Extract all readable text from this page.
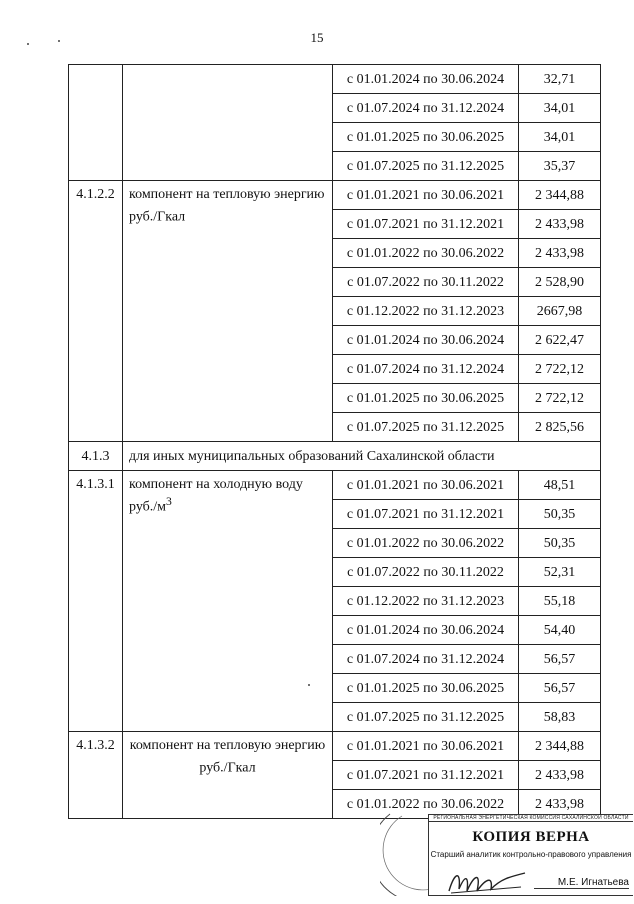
15
		с 01.01.2024 по 30.06.2024	32,71
		с 01.07.2024 по 31.12.2024	34,01
		с 01.01.2025 по 30.06.2025	34,01
		с 01.07.2025 по 31.12.2025	35,37
4.1.2.2	компонент на тепловую энергию руб./Гкал	с 01.01.2021 по 30.06.2021	2 344,88
		с 01.07.2021 по 31.12.2021	2 433,98
		с 01.01.2022 по 30.06.2022	2 433,98
		с 01.07.2022 по 30.11.2022	2 528,90
		с 01.12.2022 по 31.12.2023	2667,98
		с 01.01.2024 по 30.06.2024	2 622,47
		с 01.07.2024 по 31.12.2024	2 722,12
		с 01.01.2025 по 30.06.2025	2 722,12
		с 01.07.2025 по 31.12.2025	2 825,56
4.1.3	для иных муниципальных образований Сахалинской области		
4.1.3.1	компонент на холодную воду $руб./м^3$	с 01.01.2021 по 30.06.2021	48,51
		с 01.07.2021 по 31.12.2021	50,35
		с 01.01.2022 по 30.06.2022	50,35
		с 01.07.2022 по 30.11.2022	52,31
		с 01.12.2022 по 31.12.2023	55,18
		с 01.01.2024 по 30.06.2024	54,40
		с 01.07.2024 по 31.12.2024	56,57
		с 01.01.2025 по 30.06.2025	56,57
		с 01.07.2025 по 31.12.2025	58,83
4.1.3.2	компонент на тепловую энергию руб./Гкал	с 01.01.2021 по 30.06.2021	2 344,88
		с 01.07.2021 по 31.12.2021	2 433,98
		с 01.01.2022 по 30.06.2022	2 433,98
РЕГИОНАЛЬНАЯ ЭНЕРГЕТИЧЕСКАЯ КОМИССИЯ САХАЛИНСКОЙ ОБЛАСТИ
КОПИЯ ВЕРНА
Старший аналитик контрольно-правового управления
М.Е. Игнатьева
